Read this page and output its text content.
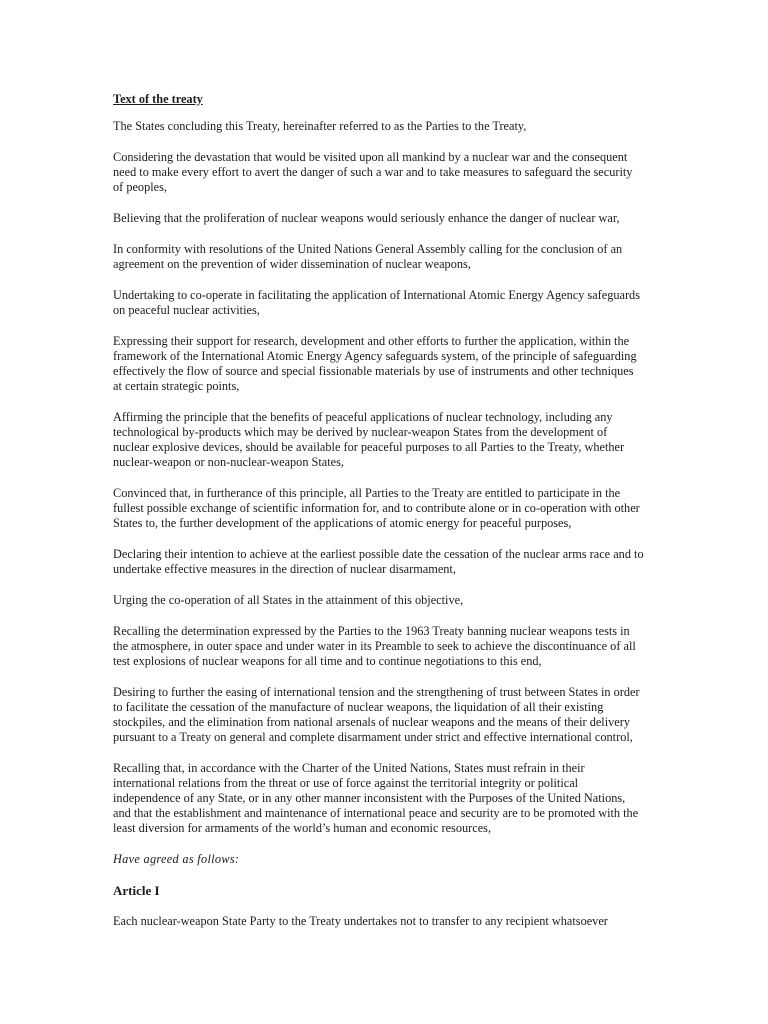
Text of the treaty
The States concluding this Treaty, hereinafter referred to as the Parties to the Treaty,
Considering the devastation that would be visited upon all mankind by a nuclear war and the consequent
need to make every effort to avert the danger of such a war and to take measures to safeguard the security
of peoples,
Believing that the proliferation of nuclear weapons would seriously enhance the danger of nuclear war,
In conformity with resolutions of the United Nations General Assembly calling for the conclusion of an
agreement on the prevention of wider dissemination of nuclear weapons,
Undertaking to co-operate in facilitating the application of International Atomic Energy Agency safeguards
on peaceful nuclear activities,
Expressing their support for research, development and other efforts to further the application, within the
framework of the International Atomic Energy Agency safeguards system, of the principle of safeguarding
effectively the flow of source and special fissionable materials by use of instruments and other techniques
at certain strategic points,
Affirming the principle that the benefits of peaceful applications of nuclear technology, including any
technological by-products which may be derived by nuclear-weapon States from the development of
nuclear explosive devices, should be available for peaceful purposes to all Parties to the Treaty, whether
nuclear-weapon or non-nuclear-weapon States,
Convinced that, in furtherance of this principle, all Parties to the Treaty are entitled to participate in the
fullest possible exchange of scientific information for, and to contribute alone or in co-operation with other
States to, the further development of the applications of atomic energy for peaceful purposes,
Declaring their intention to achieve at the earliest possible date the cessation of the nuclear arms race and to
undertake effective measures in the direction of nuclear disarmament,
Urging the co-operation of all States in the attainment of this objective,
Recalling the determination expressed by the Parties to the 1963 Treaty banning nuclear weapons tests in
the atmosphere, in outer space and under water in its Preamble to seek to achieve the discontinuance of all
test explosions of nuclear weapons for all time and to continue negotiations to this end,
Desiring to further the easing of international tension and the strengthening of trust between States in order
to facilitate the cessation of the manufacture of nuclear weapons, the liquidation of all their existing
stockpiles, and the elimination from national arsenals of nuclear weapons and the means of their delivery
pursuant to a Treaty on general and complete disarmament under strict and effective international control,
Recalling that, in accordance with the Charter of the United Nations, States must refrain in their
international relations from the threat or use of force against the territorial integrity or political
independence of any State, or in any other manner inconsistent with the Purposes of the United Nations,
and that the establishment and maintenance of international peace and security are to be promoted with the
least diversion for armaments of the world’s human and economic resources,
Have agreed as follows:
Article I
Each nuclear-weapon State Party to the Treaty undertakes not to transfer to any recipient whatsoever
